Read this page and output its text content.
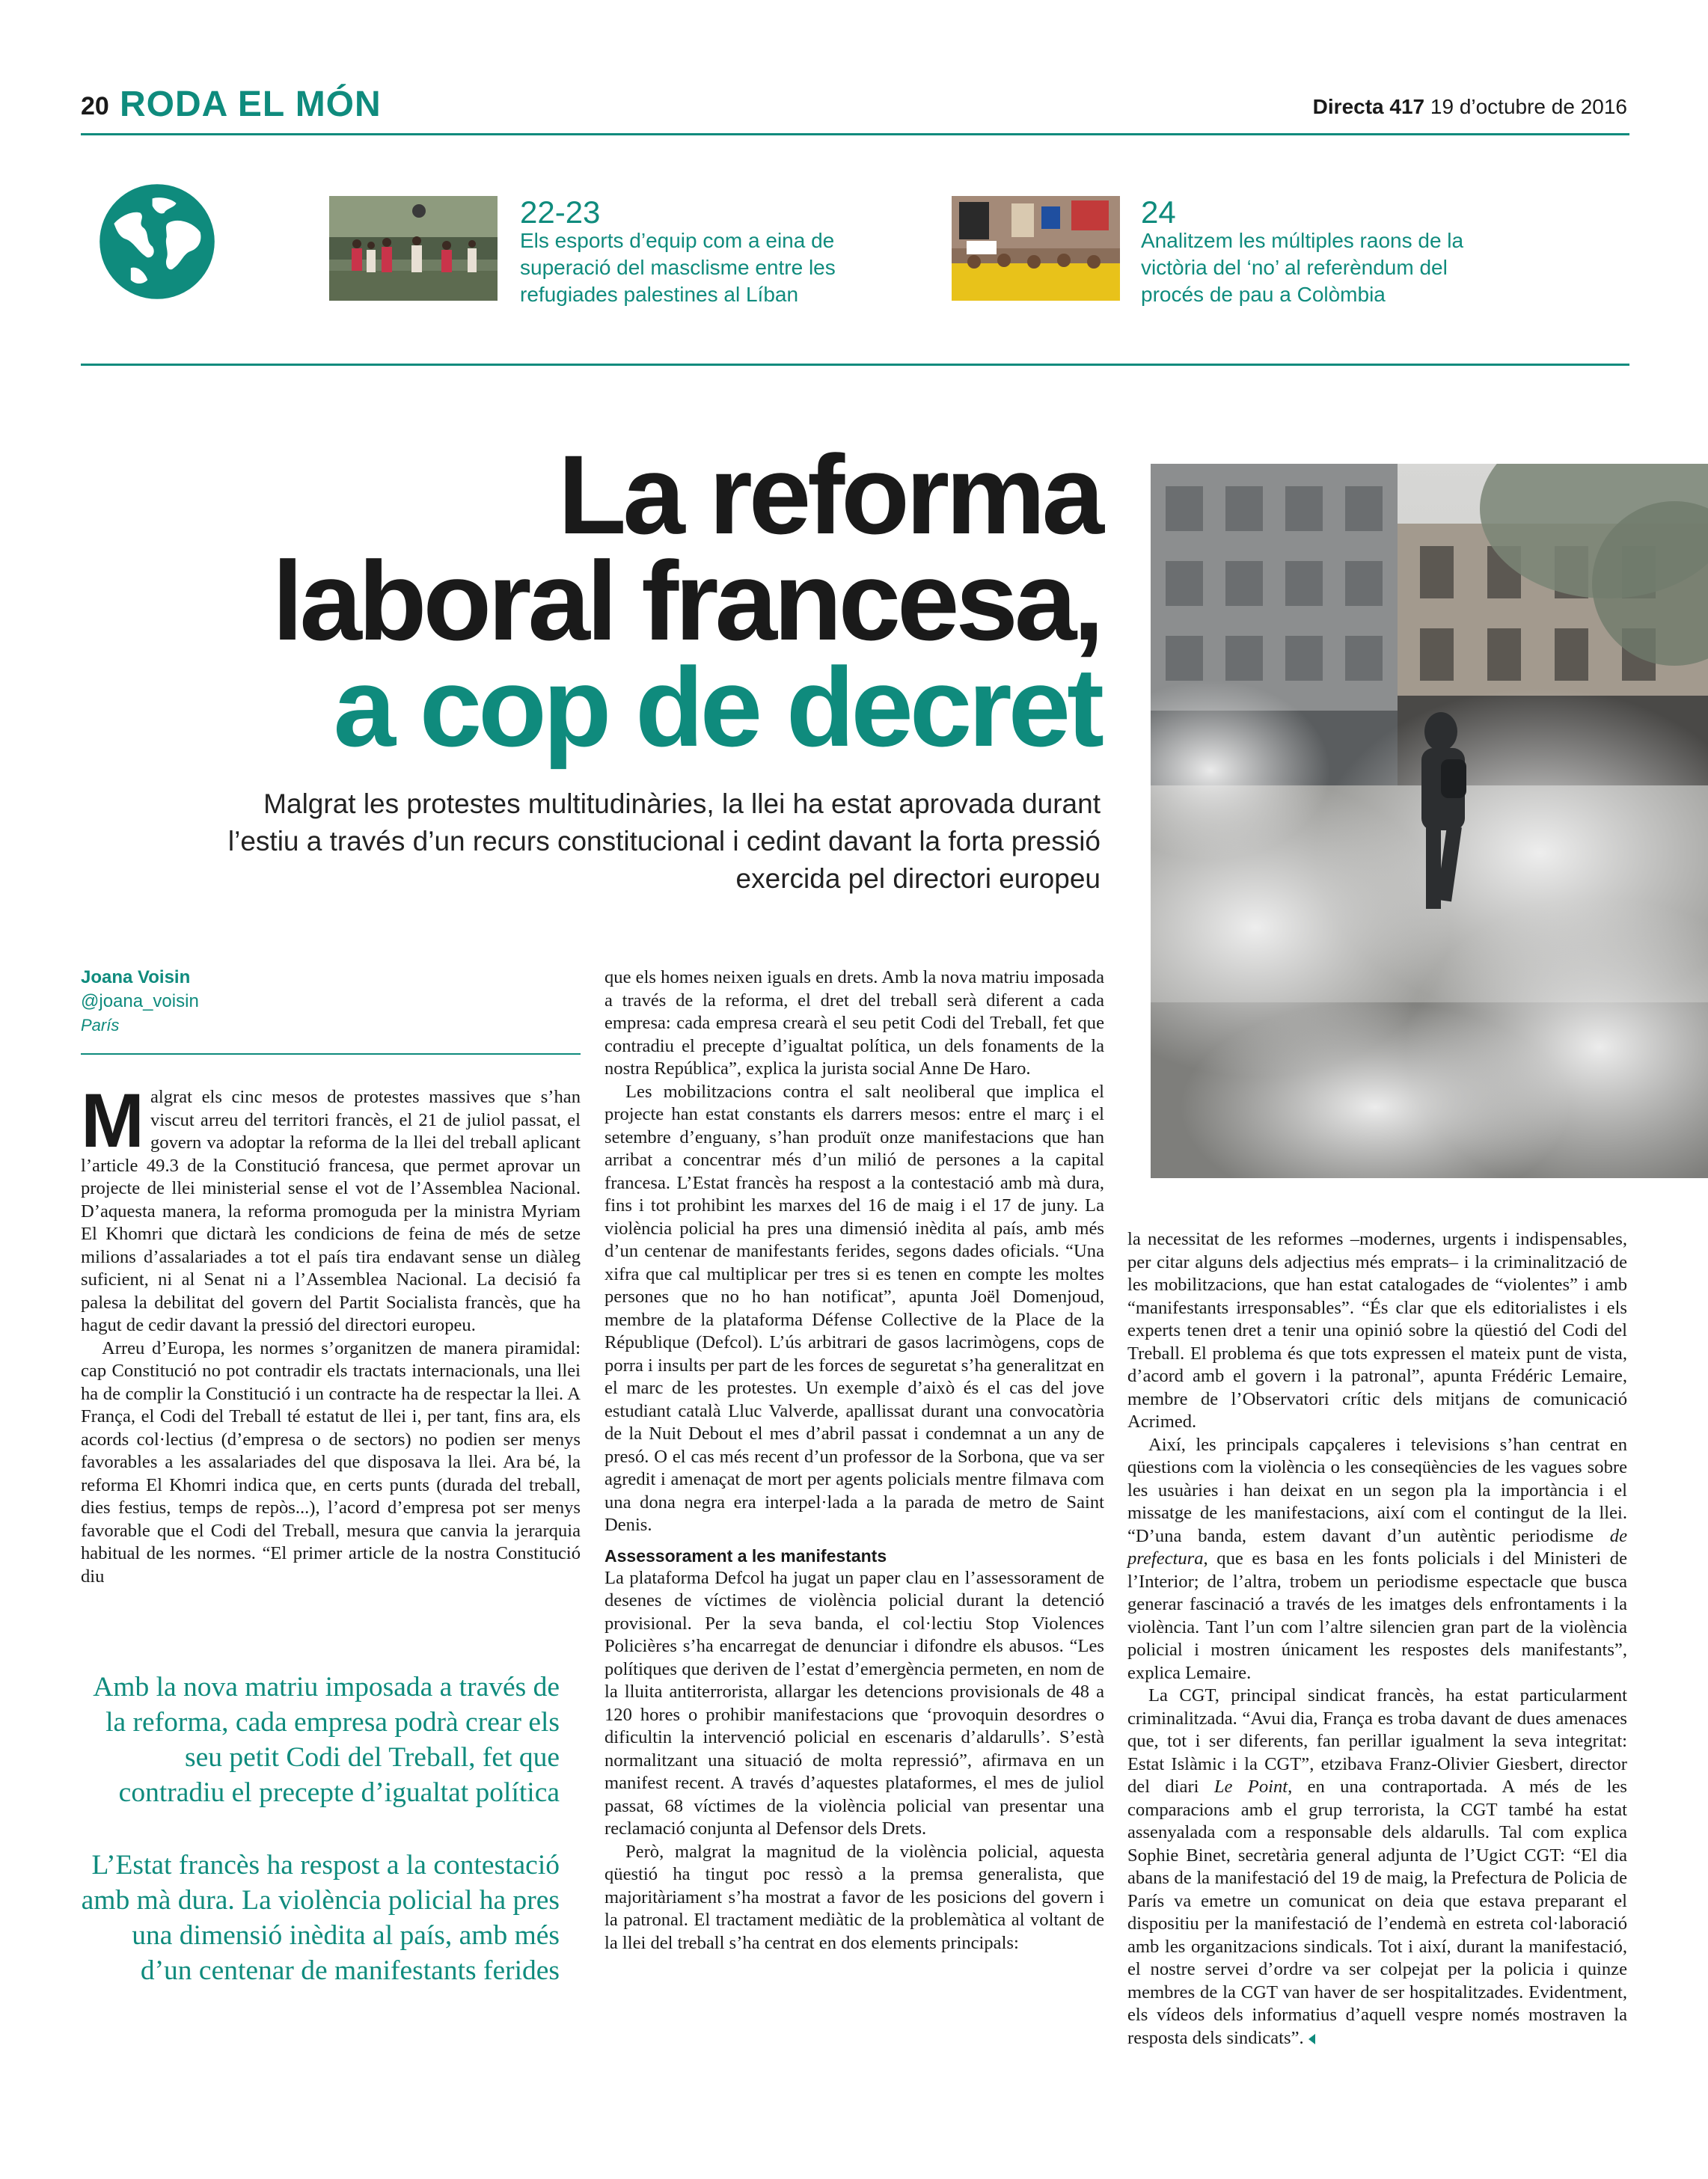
20 RODA EL MÓN	Directa 417 19 d’octubre de 2016
22-23
Els esports d’equip com a eina de superació del masclisme entre les refugiades palestines al Líban
24
Analitzem les múltiples raons de la victòria del ‘no’ al referèndum del procés de pau a Colòmbia
La reforma
laboral francesa,
a cop de decret
Malgrat les protestes multitudinàries, la llei ha estat aprovada durant l’estiu a través d’un recurs constitucional i cedint davant la forta pressió exercida pel directori europeu
Joana Voisin
@joana_voisin
París

Malgrat els cinc mesos de protestes massives que s’han viscut arreu del territori francès, el 21 de juliol passat, el govern va adoptar la reforma de la llei del treball aplicant l’article 49.3 de la Constitució francesa, que permet aprovar un projecte de llei ministerial sense el vot de l’Assemblea Nacional. D’aquesta manera, la reforma promoguda per la ministra Myriam El Khomri que dictarà les condicions de feina de més de setze milions d’assalariades a tot el país tira endavant sense un diàleg suficient, ni al Senat ni a l’Assemblea Nacional. La decisió fa palesa la debilitat del govern del Partit Socialista francès, que ha hagut de cedir davant la pressió del directori europeu.

Arreu d’Europa, les normes s’organitzen de manera piramidal: cap Constitució no pot contradir els tractats internacionals, una llei ha de complir la Constitució i un contracte ha de respectar la llei. A França, el Codi del Treball té estatut de llei i, per tant, fins ara, els acords col·lectius (d’empresa o de sectors) no podien ser menys favorables a les assalariades del que disposava la llei. Ara bé, la reforma El Khomri indica que, en certs punts (durada del treball, dies festius, temps de repòs...), l’acord d’empresa pot ser menys favorable que el Codi del Treball, mesura que canvia la jerarquia habitual de les normes. “El primer article de la nostra Constitució diu

Amb la nova matriu imposada a través de la reforma, cada empresa podrà crear els seu petit Codi del Treball, fet que contradiu el precepte d’igualtat política
L’Estat francès ha respost a la contestació amb mà dura. La violència policial ha pres una dimensió inèdita al país, amb més d’un centenar de manifestants ferides

que els homes neixen iguals en drets. Amb la nova matriu imposada a través de la reforma, el dret del treball serà diferent a cada empresa: cada empresa crearà el seu petit Codi del Treball, fet que contradiu el precepte d’igualtat política, un dels fonaments de la nostra República”, explica la jurista social Anne De Haro.

Les mobilitzacions contra el salt neoliberal que implica el projecte han estat constants els darrers mesos: entre el març i el setembre d’enguany, s’han produït onze manifestacions que han arribat a concentrar més d’un milió de persones a la capital francesa. L’Estat francès ha respost a la contestació amb mà dura, fins i tot prohibint les marxes del 16 de maig i el 17 de juny. La violència policial ha pres una dimensió inèdita al país, amb més d’un centenar de manifestants ferides, segons dades oficials. “Una xifra que cal multiplicar per tres si es tenen en compte les moltes persones que no ho han notificat”, apunta Joël Domenjoud, membre de la plataforma Défense Collective de la Place de la République (Defcol). L’ús arbitrari de gasos lacrimògens, cops de porra i insults per part de les forces de seguretat s’ha generalitzat en el marc de les protestes. Un exemple d’això és el cas del jove estudiant català Lluc Valverde, apallissat durant una convocatòria de la Nuit Debout el mes d’abril passat i condemnat a un any de presó. O el cas més recent d’un professor de la Sorbona, que va ser agredit i amenaçat de mort per agents policials mentre filmava com una dona negra era interpel·lada a la parada de metro de Saint Denis.

Assessorament a les manifestants

La plataforma Defcol ha jugat un paper clau en l’assessorament de desenes de víctimes de violència policial durant la detenció provisional. Per la seva banda, el col·lectiu Stop Violences Policières s’ha encarregat de denunciar i difondre els abusos. “Les polítiques que deriven de l’estat d’emergència permeten, en nom de la lluita antiterrorista, allargar les detencions provisionals de 48 a 120 hores o prohibir manifestacions que ‘provoquin desordres o dificultin la intervenció policial en escenaris d’aldarulls’. S’està normalitzant una situació de molta repressió”, afirmava en un manifest recent. A través d’aquestes plataformes, el mes de juliol passat, 68 víctimes de la violència policial van presentar una reclamació conjunta al Defensor dels Drets.

Però, malgrat la magnitud de la violència policial, aquesta qüestió ha tingut poc ressò a la premsa generalista, que majoritàriament s’ha mostrat a favor de les posicions del govern i la patronal. El tractament mediàtic de la problemàtica al voltant de la llei del treball s’ha centrat en dos elements principals:

la necessitat de les reformes –modernes, urgents i indispensables, per citar alguns dels adjectius més emprats– i la criminalització de les mobilitzacions, que han estat catalogades de “violentes” i amb “manifestants irresponsables”. “És clar que els editorialistes i els experts tenen dret a tenir una opinió sobre la qüestió del Codi del Treball. El problema és que tots expressen el mateix punt de vista, d’acord amb el govern i la patronal”, apunta Frédéric Lemaire, membre de l’Observatori crític dels mitjans de comunicació Acrimed.

Així, les principals capçaleres i televisions s’han centrat en qüestions com la violència o les conseqüències de les vagues sobre les usuàries i han deixat en un segon pla la importància i el missatge de les manifestacions, així com el contingut de la llei. “D’una banda, estem davant d’un autèntic periodisme de prefectura, que es basa en les fonts policials i del Ministeri de l’Interior; de l’altra, trobem un periodisme espectacle que busca generar fascinació a través de les imatges dels enfrontaments i la violència. Tant l’un com l’altre silencien gran part de la violència policial i mostren únicament les respostes dels manifestants”, explica Lemaire.

La CGT, principal sindicat francès, ha estat particularment criminalitzada. “Avui dia, França es troba davant de dues amenaces que, tot i ser diferents, fan perillar igualment la seva integritat: Estat Islàmic i la CGT”, etzibava Franz-Olivier Giesbert, director del diari Le Point, en una contraportada. A més de les comparacions amb el grup terrorista, la CGT també ha estat assenyalada com a responsable dels aldarulls. Tal com explica Sophie Binet, secretària general adjunta de l’Ugict CGT: “El dia abans de la manifestació del 19 de maig, la Prefectura de Policia de París va emetre un comunicat on deia que estava preparant el dispositiu per la manifestació de l’endemà en estreta col·laboració amb les organitzacions sindicals. Tot i així, durant la manifestació, el nostre servei d’ordre va ser colpejat per la policia i quinze membres de la CGT van haver de ser hospitalitzades. Evidentment, els vídeos dels informatius d’aquell vespre només mostraven la resposta dels sindicats”.
